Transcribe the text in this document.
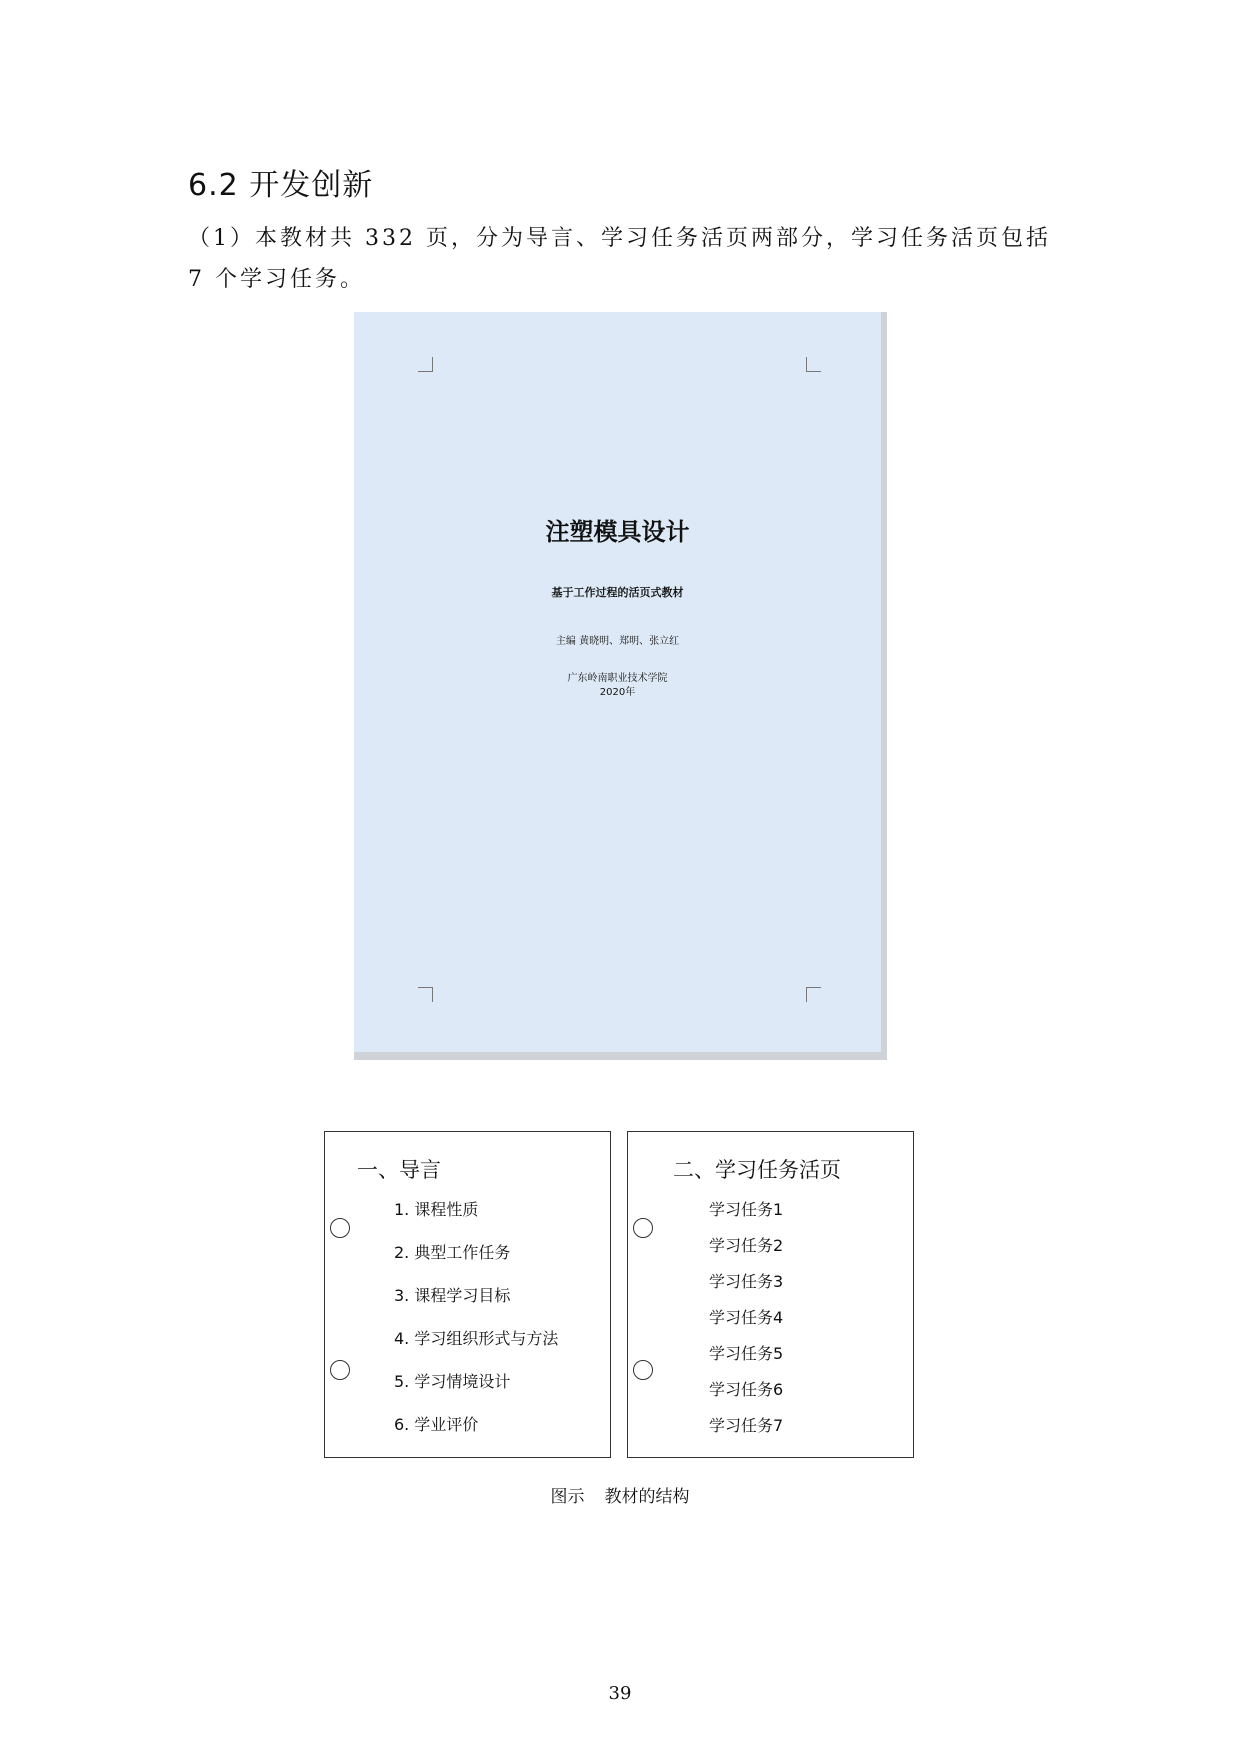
6.2 开发创新
（1）本教材共 332 页，分为导言、学习任务活页两部分，学习任务活页包括 7 个学习任务。
注塑模具设计
基于工作过程的活页式教材
主编 黄晓明、郑明、张立红
广东岭南职业技术学院
2020年
一、导言
1. 课程性质
2. 典型工作任务
3. 课程学习目标
4. 学习组织形式与方法
5. 学习情境设计
6. 学业评价
二、学习任务活页
学习任务1
学习任务2
学习任务3
学习任务4
学习任务5
学习任务6
学习任务7
图示 教材的结构
39
